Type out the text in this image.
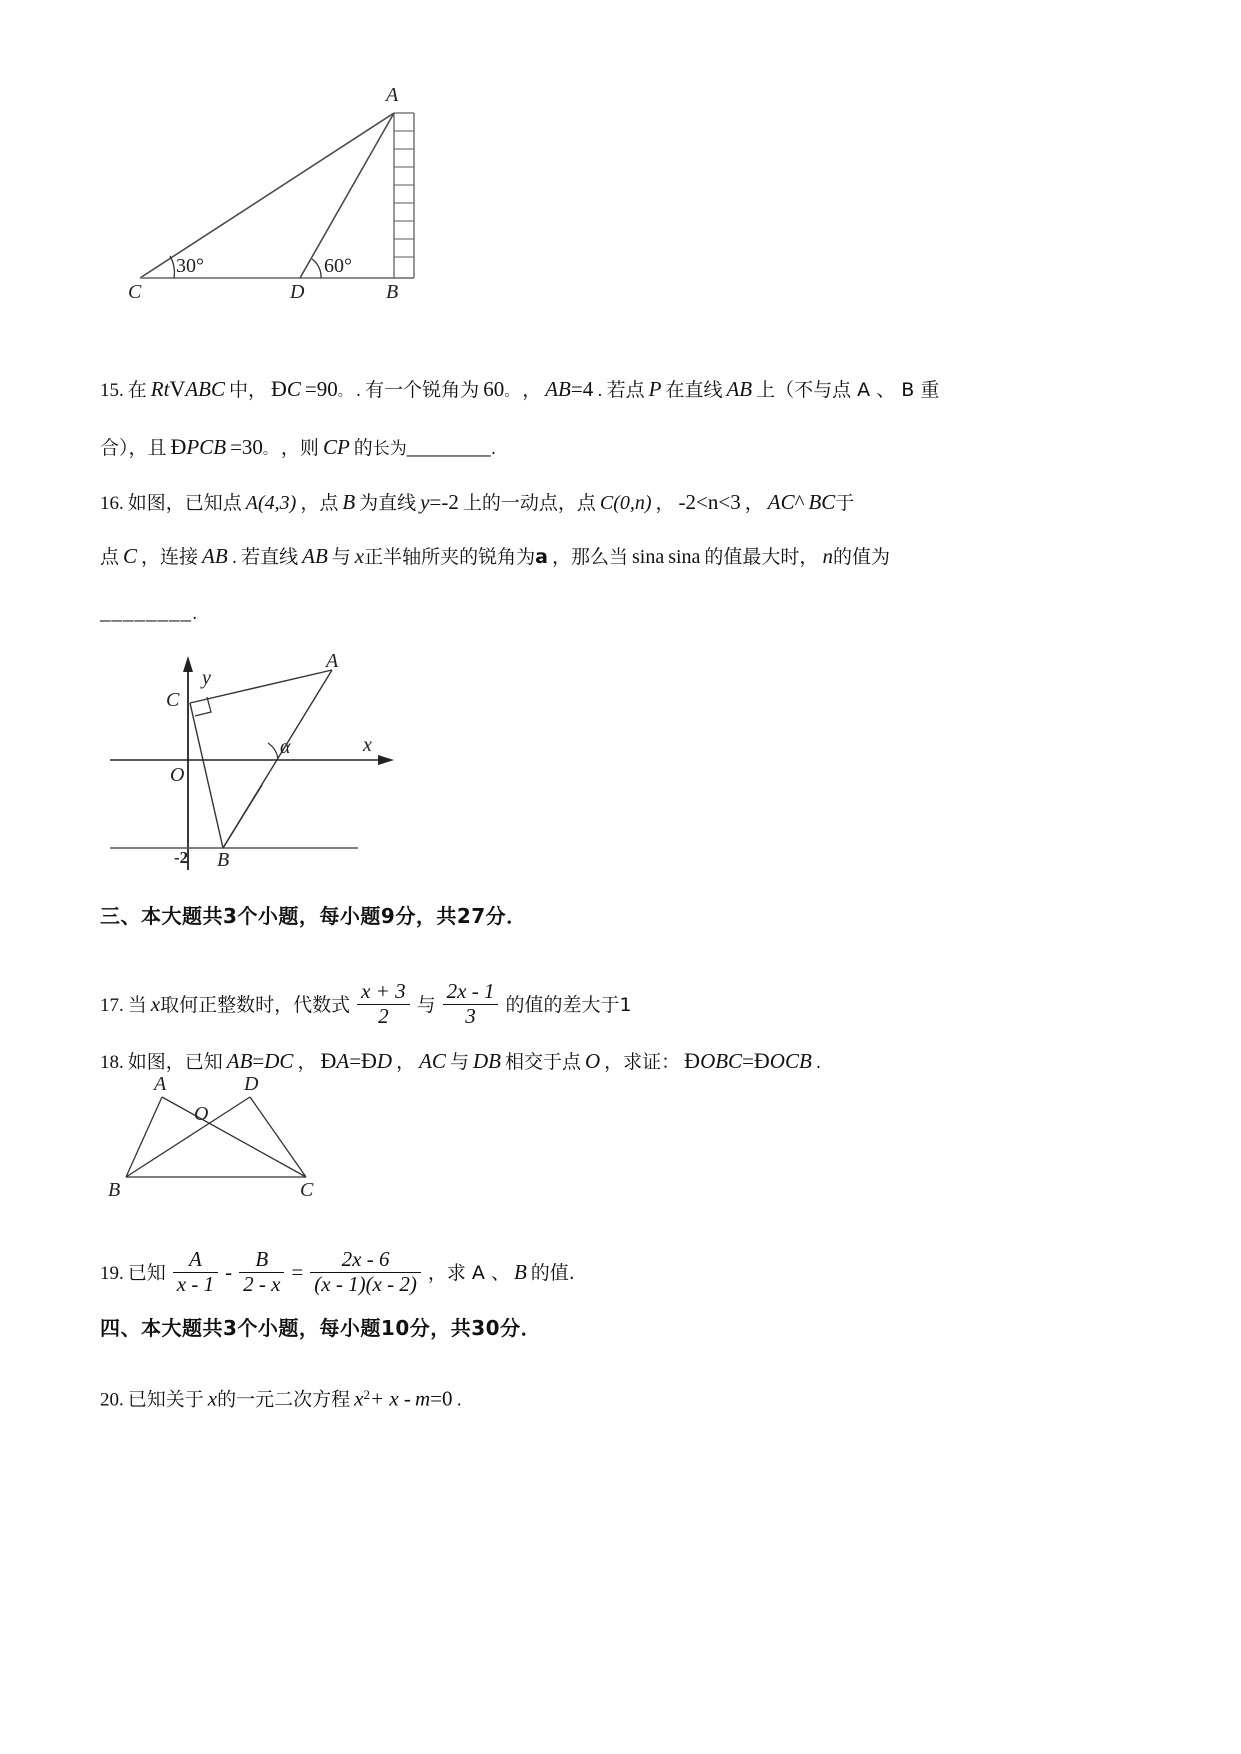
A
B
C	D
30°	60°
15. 在 RtVABC 中， ĐC =90。 . 有一个锐角为 60。 ， AB=4 . 若点 P 在直线 AB 上（不与点 A 、 B 重
合），且 ĐPCB =30。 ，则 CP 的长为________.
16. 如图，已知点 A(4,3) ，点 B 为直线 y=-2 上的一动点，点 C(0,n) ， -2<n<3 ， AC^ BC于
点 C ，连接 AB . 若直线 AB 与 x正半轴所夹的锐角为a ，那么当 sina sina 的值最大时， n的值为
________.
A
B
C
O
y
x
α
-2
三、本大题共3个小题，每小题9分，共27分．
17. 当 x取何正整数时，代数式 $\frac{x + 3}{2}$ 与 $\frac{2x - 1}{3}$ 的值的差大于1
18. 如图，已知 AB=DC ， ĐA=ĐD ， AC 与 DB 相交于点 O ，求证： ĐOBC=ĐOCB .
A	D
O
B	C
19. 已知 $\frac{A}{x - 1} - \frac{B}{2 - x} = \frac{2x - 6}{(x - 1)(x - 2)}$ ，求 A 、 B 的值.
四、本大题共3个小题，每小题10分，共30分．
20. 已知关于 x的一元二次方程 $x^2+ x - m=0$ .
